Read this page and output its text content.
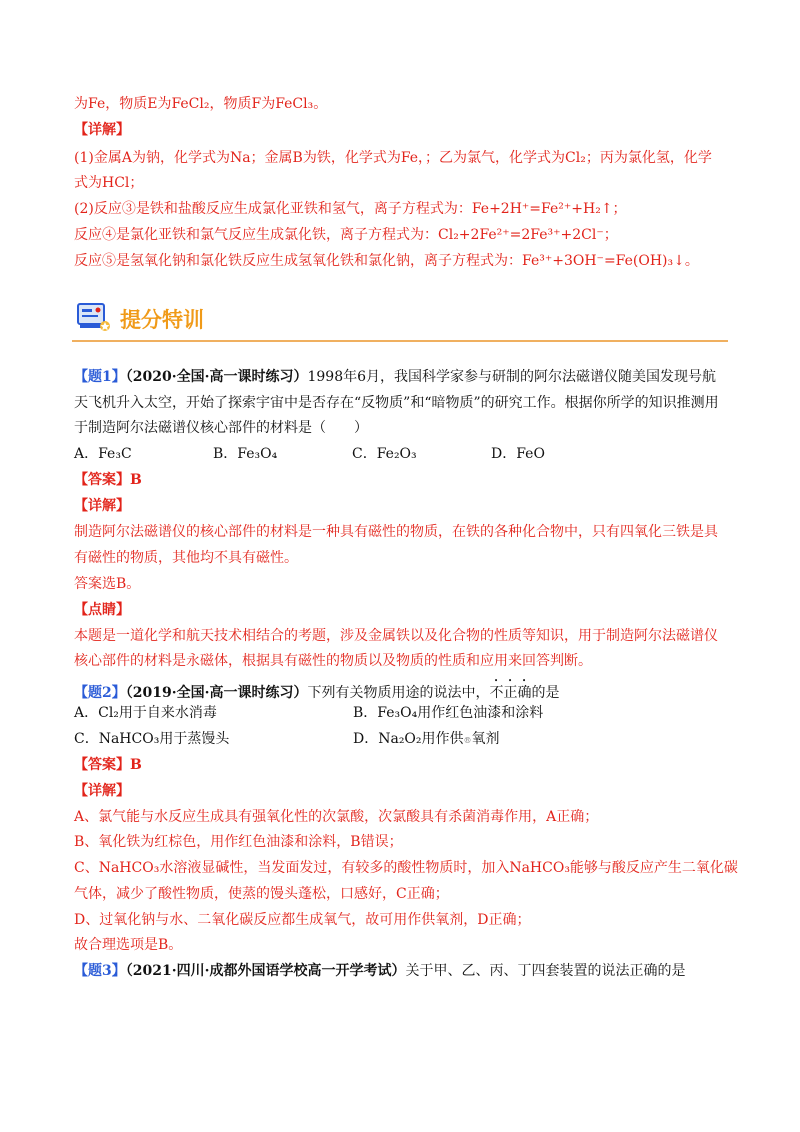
为Fe，物质E为FeCl₂，物质F为FeCl₃。
【详解】
(1)金属A为钠，化学式为Na；金属B为铁，化学式为Fe，；乙为氯气，化学式为Cl₂；丙为氯化氢，化学
式为HCl；
(2)反应③是铁和盐酸反应生成氯化亚铁和氢气，离子方程式为：Fe+2H⁺=Fe²⁺+H₂↑；
反应④是氯化亚铁和氯气反应生成氯化铁，离子方程式为：Cl₂+2Fe²⁺=2Fe³⁺+2Cl⁻；
反应⑤是氢氧化钠和氯化铁反应生成氢氧化铁和氯化钠，离子方程式为：Fe³⁺+3OH⁻=Fe(OH)₃↓。
提分特训
【题1】（2020·全国·高一课时练习）1998年6月，我国科学家参与研制的阿尔法磁谱仪随美国发现号航
天飞机升入太空，开始了探索宇宙中是否存在“反物质”和“暗物质”的研究工作。根据你所学的知识推测用
于制造阿尔法磁谱仪核心部件的材料是（　　）
A．Fe₃C	B．Fe₃O₄	C．Fe₂O₃	D．FeO
【答案】B
【详解】
制造阿尔法磁谱仪的核心部件的材料是一种具有磁性的物质，在铁的各种化合物中，只有四氧化三铁是具
有磁性的物质，其他均不具有磁性。
答案选B。
【点睛】
本题是一道化学和航天技术相结合的考题，涉及金属铁以及化合物的性质等知识，用于制造阿尔法磁谱仪
核心部件的材料是永磁体，根据具有磁性的物质以及物质的性质和应用来回答判断。
【题2】（2019·全国·高一课时练习）下列有关物质用途的说法中，不正确的是
A．Cl₂用于自来水消毒	B．Fe₃O₄用作红色油漆和涂料
C．NaHCO₃用于蒸馒头	D．Na₂O₂用作供®氧剂
【答案】B
【详解】
A、氯气能与水反应生成具有强氧化性的次氯酸，次氯酸具有杀菌消毒作用，A正确；
B、氧化铁为红棕色，用作红色油漆和涂料，B错误；
C、NaHCO₃水溶液显碱性，当发面发过，有较多的酸性物质时，加入NaHCO₃能够与酸反应产生二氧化碳
气体，减少了酸性物质，使蒸的馒头蓬松，口感好，C正确；
D、过氧化钠与水、二氧化碳反应都生成氧气，故可用作供氧剂，D正确；
故合理选项是B。
【题3】（2021·四川·成都外国语学校高一开学考试）关于甲、乙、丙、丁四套装置的说法正确的是
